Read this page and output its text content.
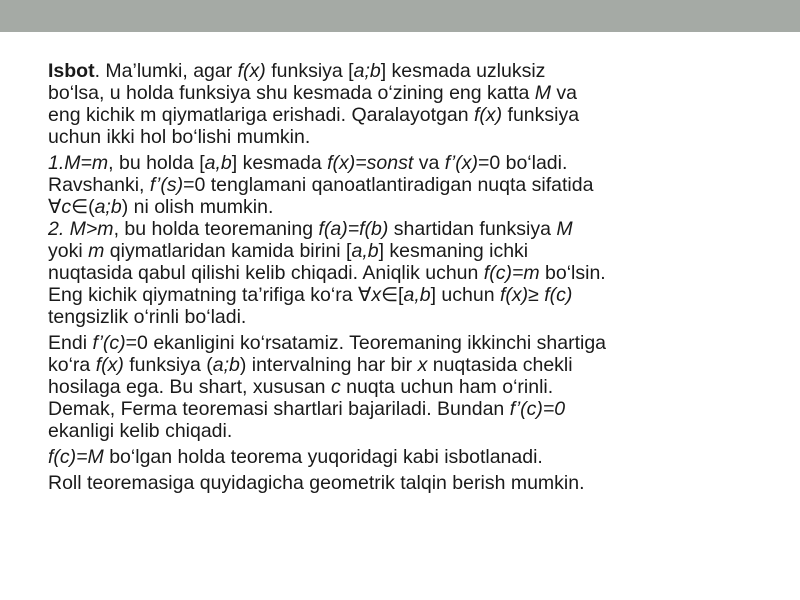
Isbot. Ma’lumki, agar f(x) funksiya [a;b] kesmada uzluksiz
bo‘lsa, u holda funksiya shu kesmada o‘zining eng katta M va
eng kichik m qiymatlariga erishadi. Qaralayotgan f(x) funksiya
uchun ikki hol bo‘lishi mumkin.
1.M=m, bu holda [a,b] kesmada f(x)=sonst va f’(x)=0 bo‘ladi.
Ravshanki, f’(s)=0 tenglamani qanoatlantiradigan nuqta sifatida
∀c∈(a;b) ni olish mumkin.
2. M>m, bu holda teoremaning f(a)=f(b) shartidan funksiya M
yoki m qiymatlaridan kamida birini [a,b] kesmaning ichki
nuqtasida qabul qilishi kelib chiqadi. Aniqlik uchun f(c)=m bo‘lsin.
Eng kichik qiymatning ta’rifiga ko‘ra ∀x∈[a,b] uchun f(x)≥ f(c)
tengsizlik o‘rinli bo‘ladi.
Endi f’(c)=0 ekanligini ko‘rsatamiz. Teoremaning ikkinchi shartiga
ko‘ra f(x) funksiya (a;b) intervalning har bir x nuqtasida chekli
hosilaga ega. Bu shart, xususan c nuqta uchun ham o‘rinli.
Demak, Ferma teoremasi shartlari bajariladi. Bundan f’(c)=0
ekanligi kelib chiqadi.
f(c)=M bo‘lgan holda teorema yuqoridagi kabi isbotlanadi.
Roll teoremasiga quyidagicha geometrik talqin berish mumkin.
